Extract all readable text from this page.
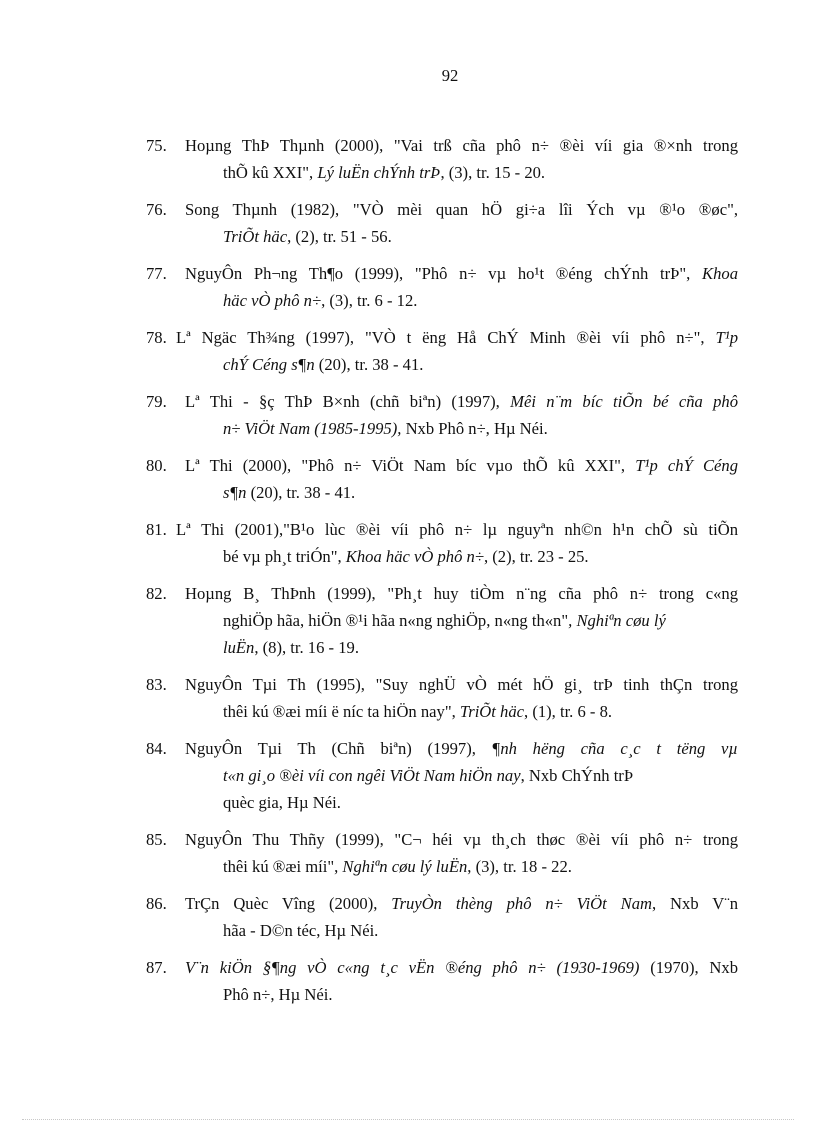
92
75.	Hoµng ThÞ Thµnh (2000), "Vai trß cña phô n÷ ®èi víi gia ®×nh trong
thÕ kû XXI", Lý luËn chÝnh trÞ, (3), tr. 15 - 20.
76.	Song Thµnh (1982), "VÒ mèi quan hÖ gi÷a lîi Ých vµ ®¹o ®øc",
TriÕt häc, (2), tr. 51 - 56.
77.	NguyÔn Ph¬ng Th¶o (1999), "Phô n÷ vµ ho¹t ®éng chÝnh trÞ", Khoa
häc vÒ phô n÷, (3), tr. 6 - 12.
78. Lª Ngäc Th¾ng (1997), "VÒ t ëng Hå ChÝ Minh ®èi víi phô n÷", T¹p
chÝ Céng s¶n (20), tr. 38 - 41.
79.	Lª Thi - §ç ThÞ B×nh (chñ biªn) (1997), Mêi n¨m bíc tiÕn bé cña phô
n÷ ViÖt Nam (1985-1995), Nxb Phô n÷, Hµ Néi.
80.	Lª Thi (2000), "Phô n÷ ViÖt Nam bíc vµo thÕ kû XXI", T¹p chÝ Céng
s¶n (20), tr. 38 - 41.
81. Lª Thi (2001),"B¹o lùc ®èi víi phô n÷ lµ nguyªn nh©n h¹n chÕ sù tiÕn
bé vµ ph¸t triÓn", Khoa häc vÒ phô n÷, (2), tr. 23 - 25.
82.	Hoµng B¸ ThÞnh (1999), "Ph¸t huy tiÒm n¨ng cña phô n÷ trong c«ng
nghiÖp hãa, hiÖn ®¹i hãa n«ng nghiÖp, n«ng th«n", Nghiªn cøu lý
luËn, (8), tr. 16 - 19.
83.	NguyÔn Tµi Th (1995), "Suy nghÜ vÒ mét hÖ gi¸ trÞ tinh thÇn trong
thêi kú ®æi míi ë níc ta hiÖn nay", TriÕt häc, (1), tr. 6 - 8.
84.	NguyÔn Tµi Th (Chñ biªn) (1997), ¶nh hëng cña c¸c t tëng vµ
t«n gi¸o ®èi víi con ngêi ViÖt Nam hiÖn nay, Nxb ChÝnh trÞ
quèc gia, Hµ Néi.
85.	NguyÔn Thu Thñy (1999), "C¬ héi vµ th¸ch thøc ®èi víi phô n÷ trong
thêi kú ®æi míi", Nghiªn cøu lý luËn, (3), tr. 18 - 22.
86.	TrÇn Quèc Vîng (2000), TruyÒn thèng phô n÷ ViÖt Nam, Nxb V¨n
hãa - D©n téc, Hµ Néi.
87.	V¨n kiÖn §¶ng vÒ c«ng t¸c vËn ®éng phô n÷ (1930-1969) (1970), Nxb
Phô n÷, Hµ Néi.
